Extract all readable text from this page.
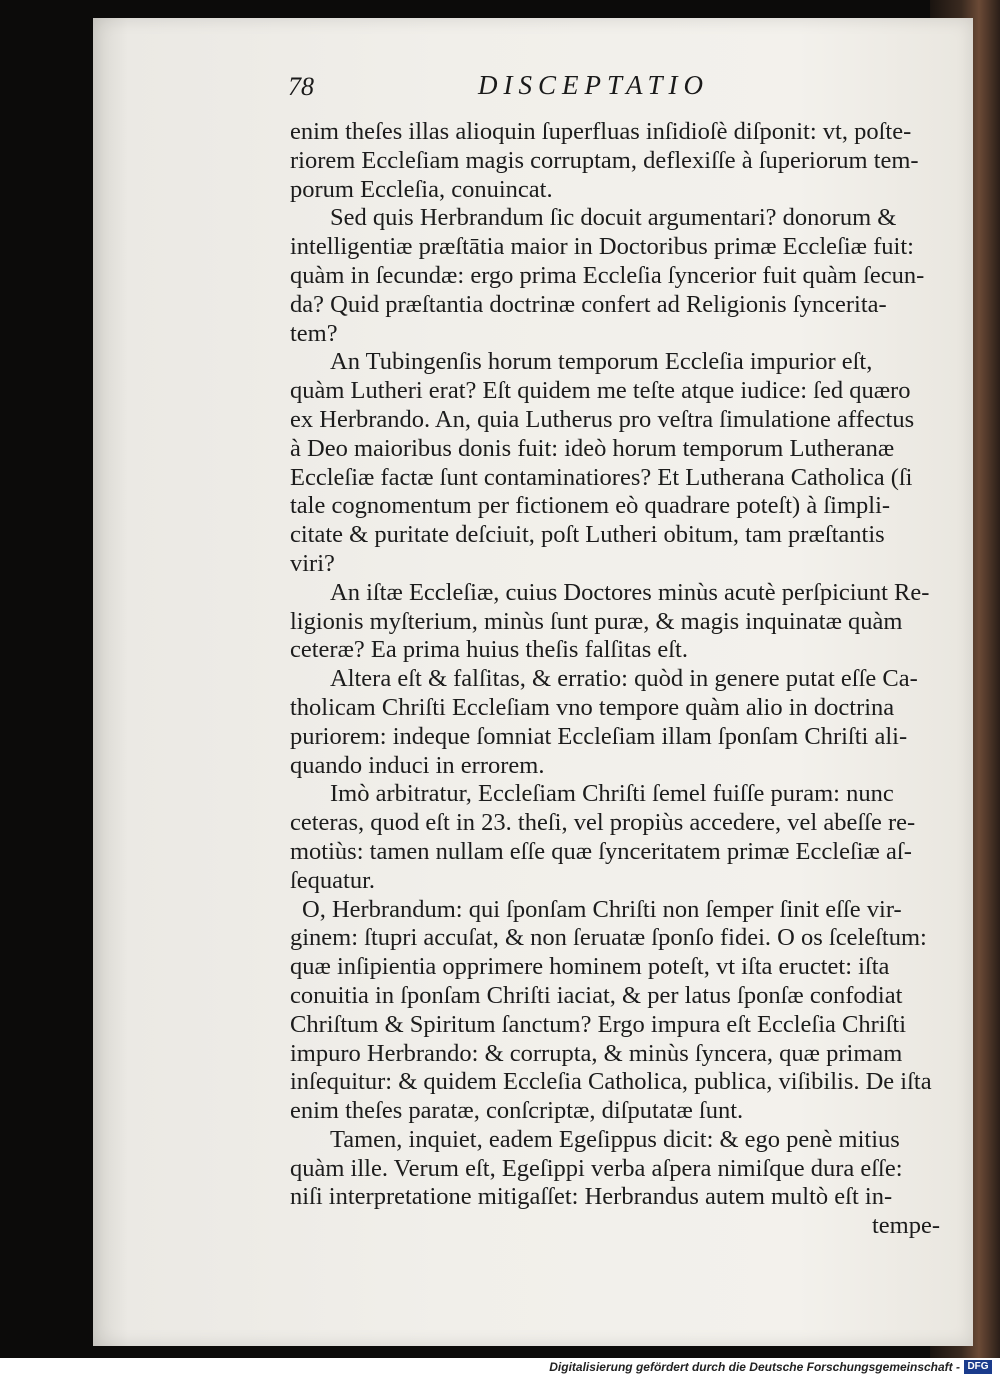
78	DISCEPTATIO
enim theſes illas alioquin ſuperfluas inſidioſè diſponit: vt, poſte-
riorem Eccleſiam magis corruptam, deflexiſſe à ſuperiorum tem-
porum Eccleſia, conuincat.
Sed quis Herbrandum ſic docuit argumentari? donorum &
intelligentiæ præſtātia maior in Doctoribus primæ Eccleſiæ fuit:
quàm in ſecundæ: ergo prima Eccleſia ſyncerior fuit quàm ſecun-
da? Quid præſtantia doctrinæ confert ad Religionis ſyncerita-
tem?
An Tubingenſis horum temporum Eccleſia impurior eſt,
quàm Lutheri erat? Eſt quidem me teſte atque iudice: ſed quæro
ex Herbrando. An, quia Lutherus pro veſtra ſimulatione affectus
à Deo maioribus donis fuit: ideò horum temporum Lutheranæ
Eccleſiæ factæ ſunt contaminatiores? Et Lutherana Catholica (ſi
tale cognomentum per fictionem eò quadrare poteſt) à ſimpli-
citate & puritate deſciuit, poſt Lutheri obitum, tam præſtantis
viri?
An iſtæ Eccleſiæ, cuius Doctores minùs acutè perſpiciunt Re-
ligionis myſterium, minùs ſunt puræ, & magis inquinatæ quàm
ceteræ? Ea prima huius theſis falſitas eſt.
Altera eſt & falſitas, & erratio: quòd in genere putat eſſe Ca-
tholicam Chriſti Eccleſiam vno tempore quàm alio in doctrina
puriorem: indeque ſomniat Eccleſiam illam ſponſam Chriſti ali-
quando induci in errorem.
Imò arbitratur, Eccleſiam Chriſti ſemel fuiſſe puram: nunc
ceteras, quod eſt in 23. theſi, vel propiùs accedere, vel abeſſe re-
motiùs: tamen nullam eſſe quæ ſynceritatem primæ Eccleſiæ aſ-
ſequatur.
O, Herbrandum: qui ſponſam Chriſti non ſemper ſinit eſſe vir-
ginem: ſtupri accuſat, & non ſeruatæ ſponſo fidei. O os ſceleſtum:
quæ inſipientia opprimere hominem poteſt, vt iſta eructet: iſta
conuitia in ſponſam Chriſti iaciat, & per latus ſponſæ confodiat
Chriſtum & Spiritum ſanctum? Ergo impura eſt Eccleſia Chriſti
impuro Herbrando: & corrupta, & minùs ſyncera, quæ primam
inſequitur: & quidem Eccleſia Catholica, publica, viſibilis. De iſta
enim theſes paratæ, conſcriptæ, diſputatæ ſunt.
Tamen, inquiet, eadem Egeſippus dicit: & ego penè mitius
quàm ille. Verum eſt, Egeſippi verba aſpera nimiſque dura eſſe:
niſi interpretatione mitigaſſet: Herbrandus autem multò eſt in-
tempe-
Digitalisierung gefördert durch die Deutsche Forschungsgemeinschaft - DFG
